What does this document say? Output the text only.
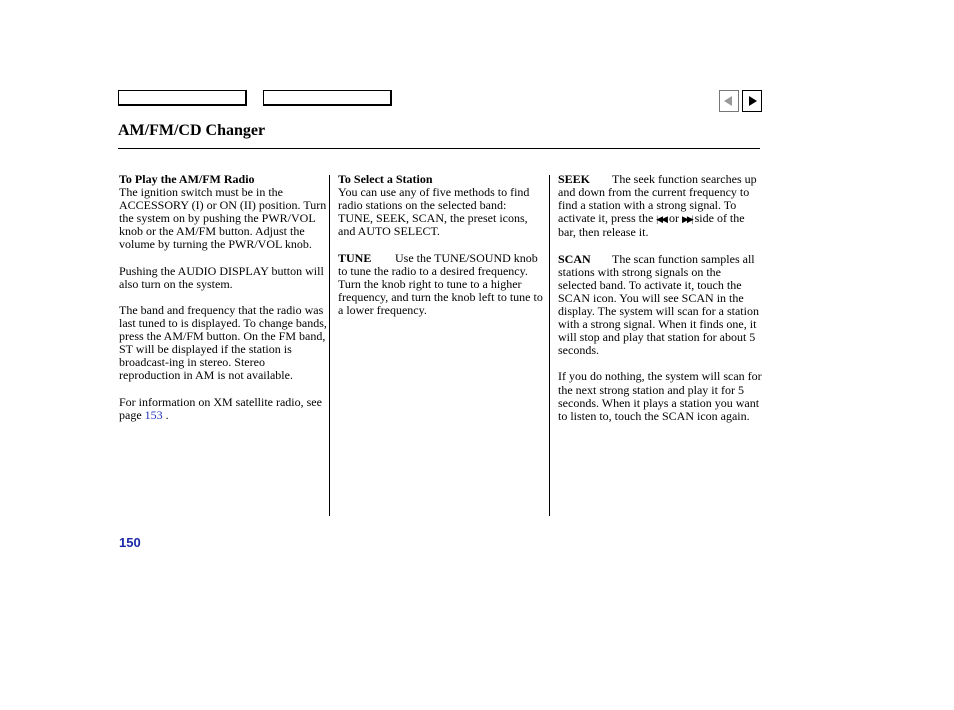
AM/FM/CD Changer
To Play the AM/FM Radio

The ignition switch must be in the ACCESSORY (I) or ON (II) position. Turn the system on by pushing the PWR/VOL knob or the AM/FM button. Adjust the volume by turning the PWR/VOL knob.

Pushing the AUDIO DISPLAY button will also turn on the system.

The band and frequency that the radio was last tuned to is displayed. To change bands, press the AM/FM button. On the FM band, ST will be displayed if the station is broadcast-ing in stereo. Stereo reproduction in AM is not available.

For information on XM satellite radio, see page 153 .

To Select a Station

You can use any of five methods to find radio stations on the selected band: TUNE, SEEK, SCAN, the preset icons, and AUTO SELECT.

TUNE Use the TUNE/SOUND knob to tune the radio to a desired frequency. Turn the knob right to tune to a higher frequency, and turn the knob left to tune to a lower frequency.

SEEK The seek function searches up and down from the current frequency to find a station with a strong signal. To activate it, press the |◀◀ or ▶▶| side of the bar, then release it.

SCAN The scan function samples all stations with strong signals on the selected band. To activate it, touch the SCAN icon. You will see SCAN in the display. The system will scan for a station with a strong signal. When it finds one, it will stop and play that station for about 5 seconds.

If you do nothing, the system will scan for the next strong station and play it for 5 seconds. When it plays a station you want to listen to, touch the SCAN icon again.

150
